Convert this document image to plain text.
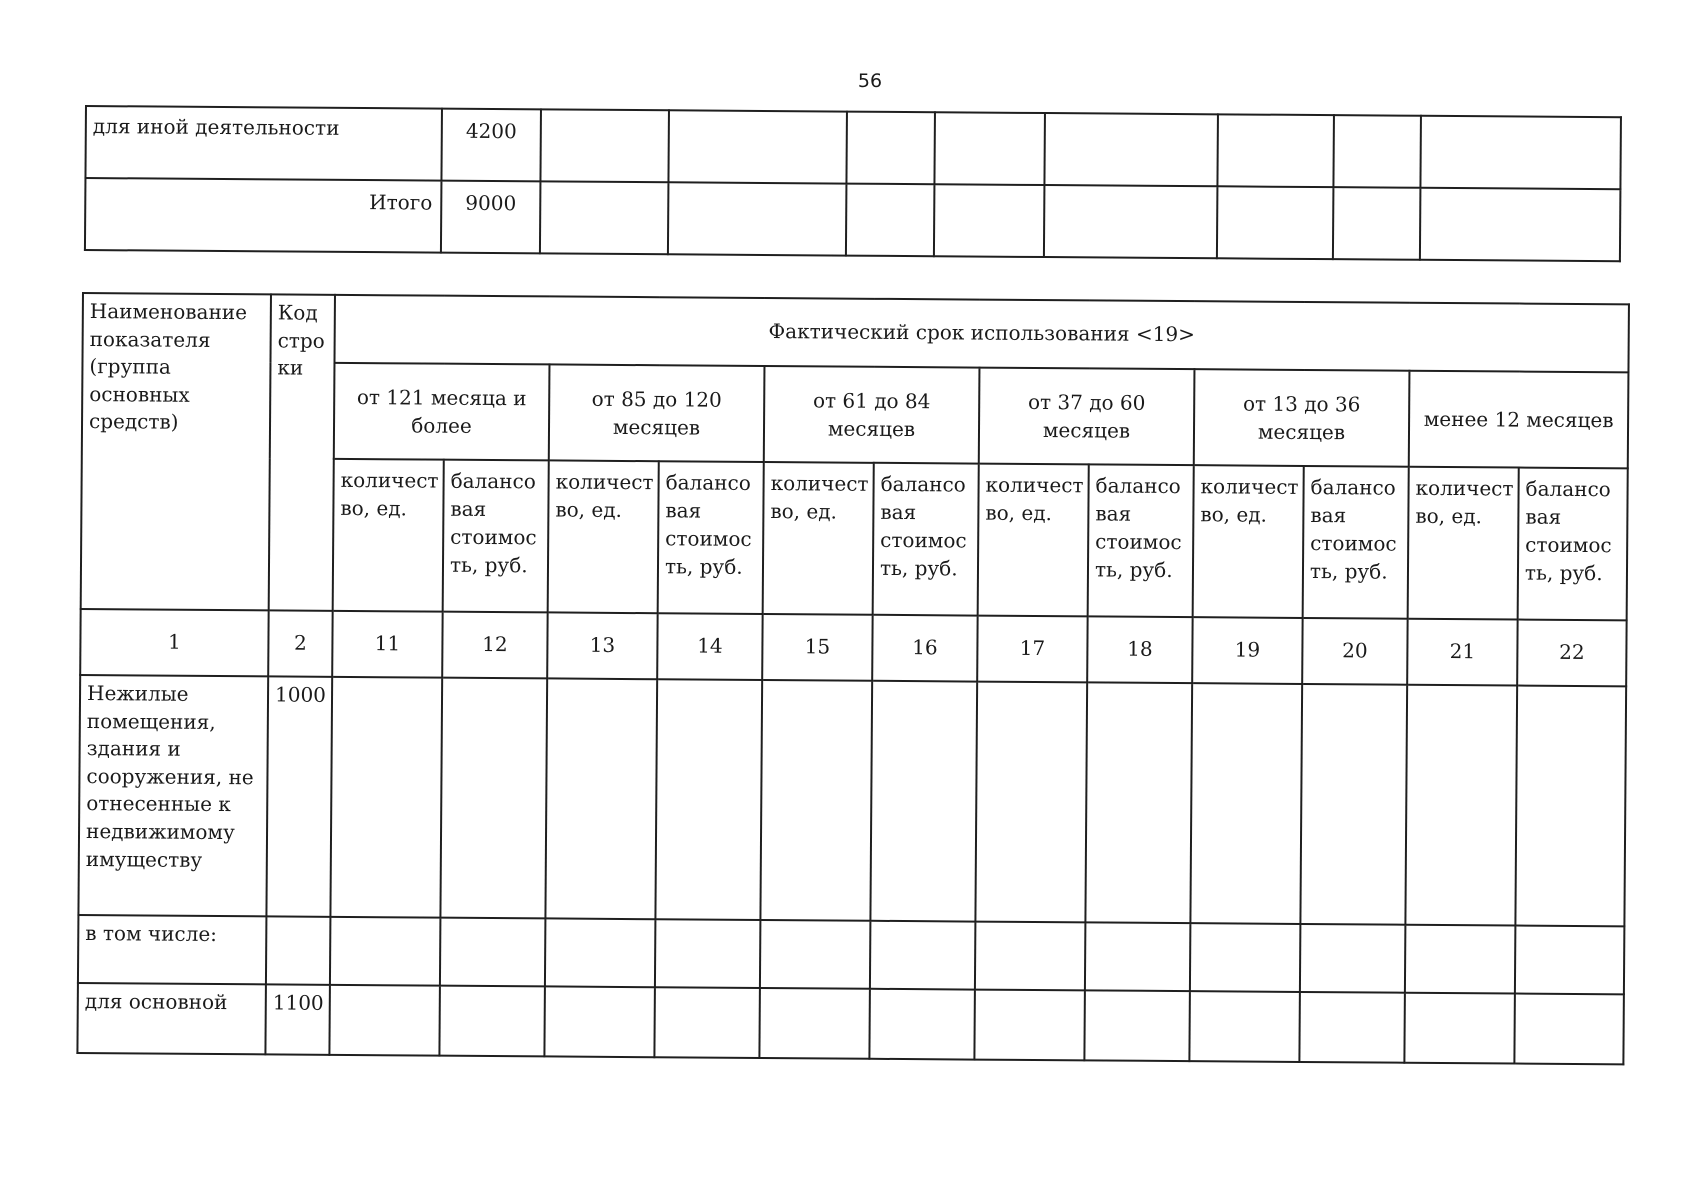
56
для иной деятельности	4200								
Итого	9000								
Наименование показателя (группа основных средств)	Код стро ки	Фактический срок использования <19>											
		от 121 месяца и более		от 85 до 120 месяцев		от 61 до 84 месяцев		от 37 до 60 месяцев		от 13 до 36 месяцев		менее 12 месяцев	
		количест во, ед.	балансо вая стоимос ть, руб.	количест во, ед.	балансо вая стоимос ть, руб.	количест во, ед.	балансо вая стоимос ть, руб.	количест во, ед.	балансо вая стоимос ть, руб.	количест во, ед.	балансо вая стоимос ть, руб.	количест во, ед.	балансо вая стоимос ть, руб.
1	2	11	12	13	14	15	16	17	18	19	20	21	22
Нежилые помещения, здания и сооружения, не отнесенные к недвижимому имуществу	1000												
в том числе:													
для основной	1100												
